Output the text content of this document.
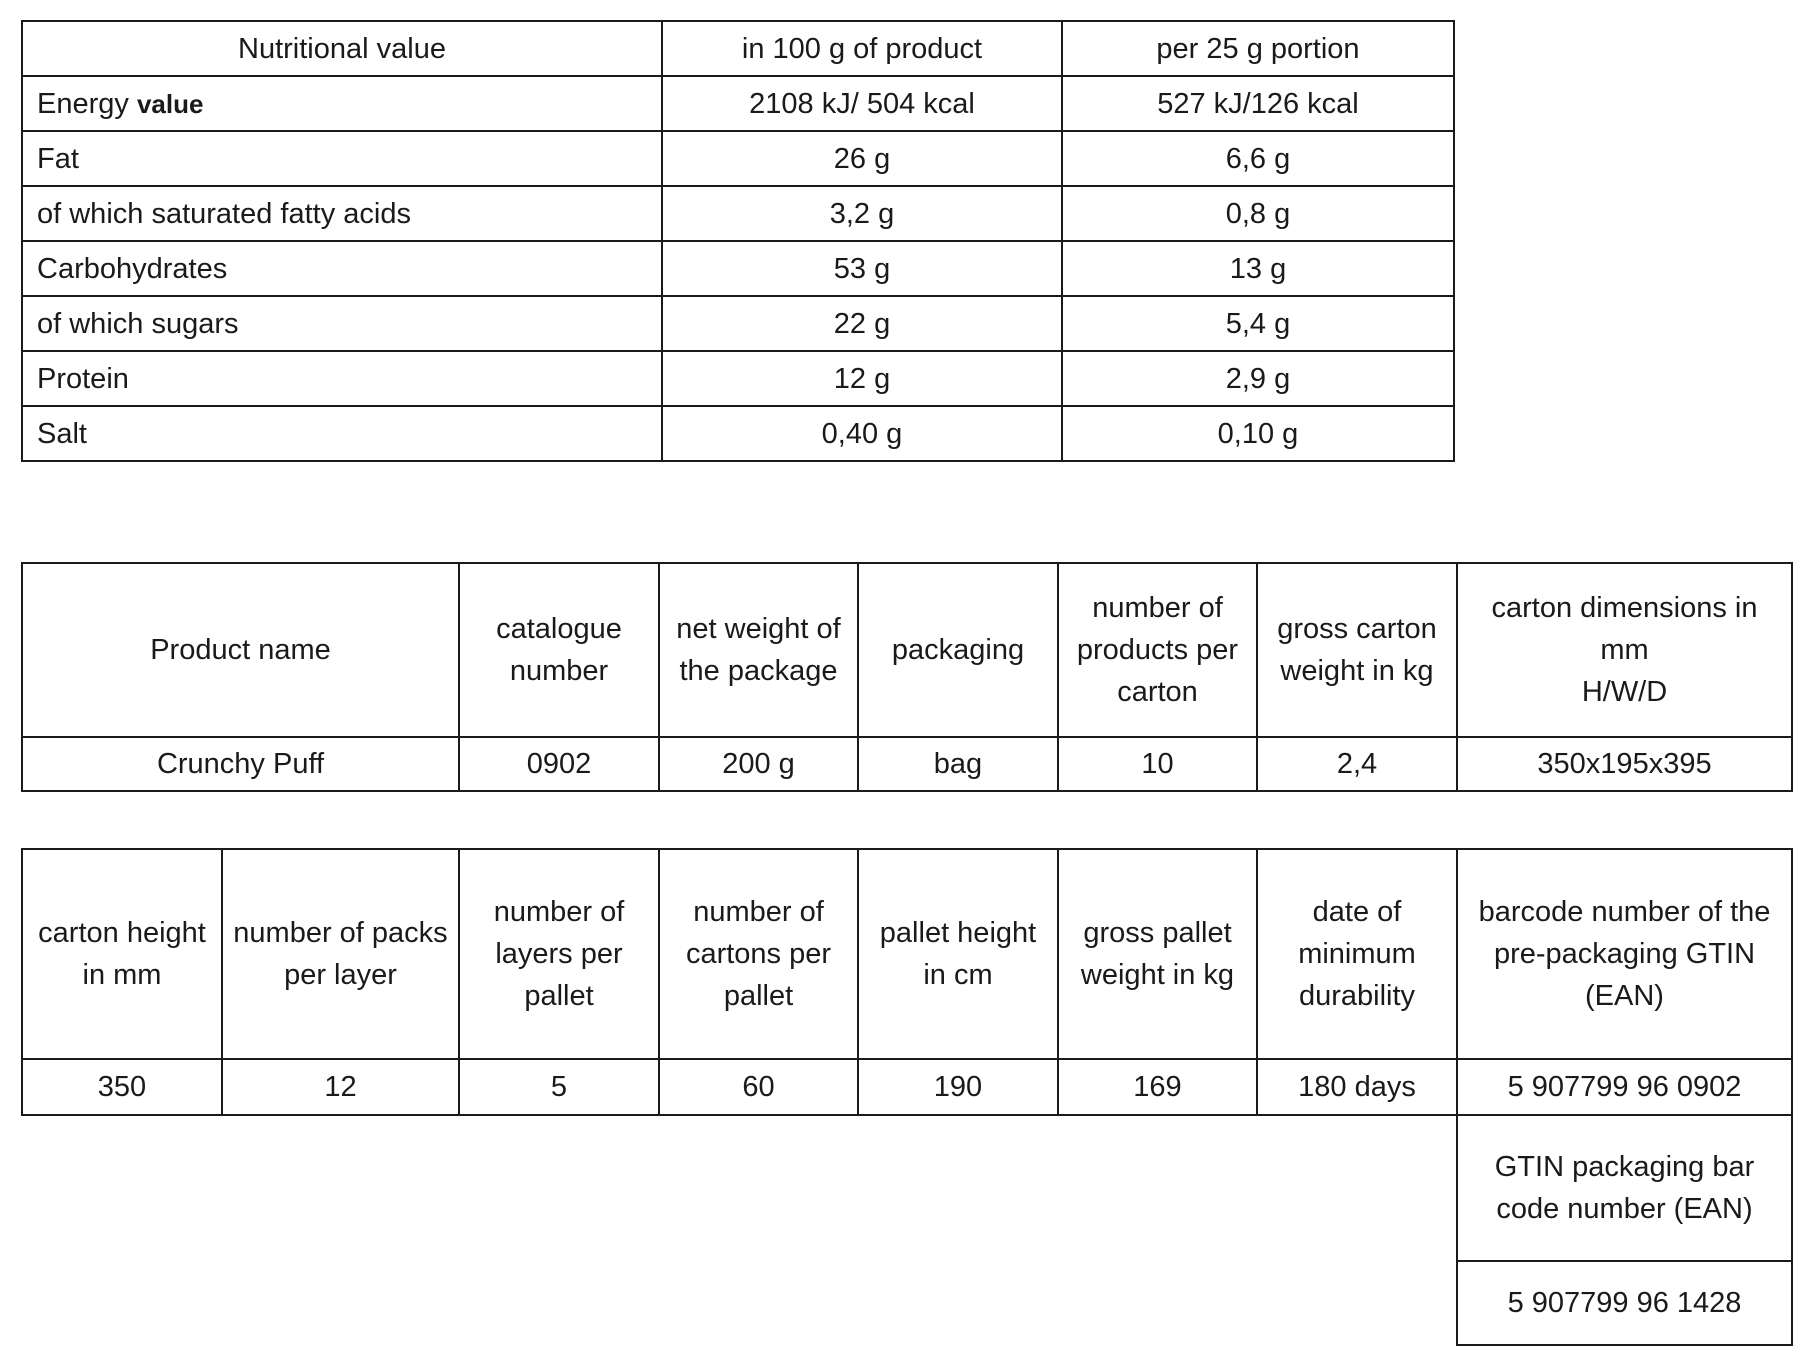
Nutritional value	in 100 g of product	per 25 g portion
Energy value	2108 kJ/ 504 kcal	527 kJ/126 kcal
Fat	26 g	6,6 g
of which saturated fatty acids	3,2 g	0,8 g
Carbohydrates	53 g	13 g
of which sugars	22 g	5,4 g
Protein	12 g	2,9 g
Salt	0,40 g	0,10 g
Product name	catalogue number	net weight of the package	packaging	number of products per carton	gross carton weight in kg	carton dimensions in mm
H/W/D
Crunchy Puff	0902	200 g	bag	10	2,4	350x195x395
carton height in mm	number of packs per layer	number of layers per pallet	number of cartons per pallet	pallet height in cm	gross pallet weight in kg	date of minimum durability	barcode number of the pre-packaging GTIN (EAN)
350	12	5	60	190	169	180 days	5 907799 96 0902
							GTIN packaging bar code number (EAN)
							5 907799 96 1428
